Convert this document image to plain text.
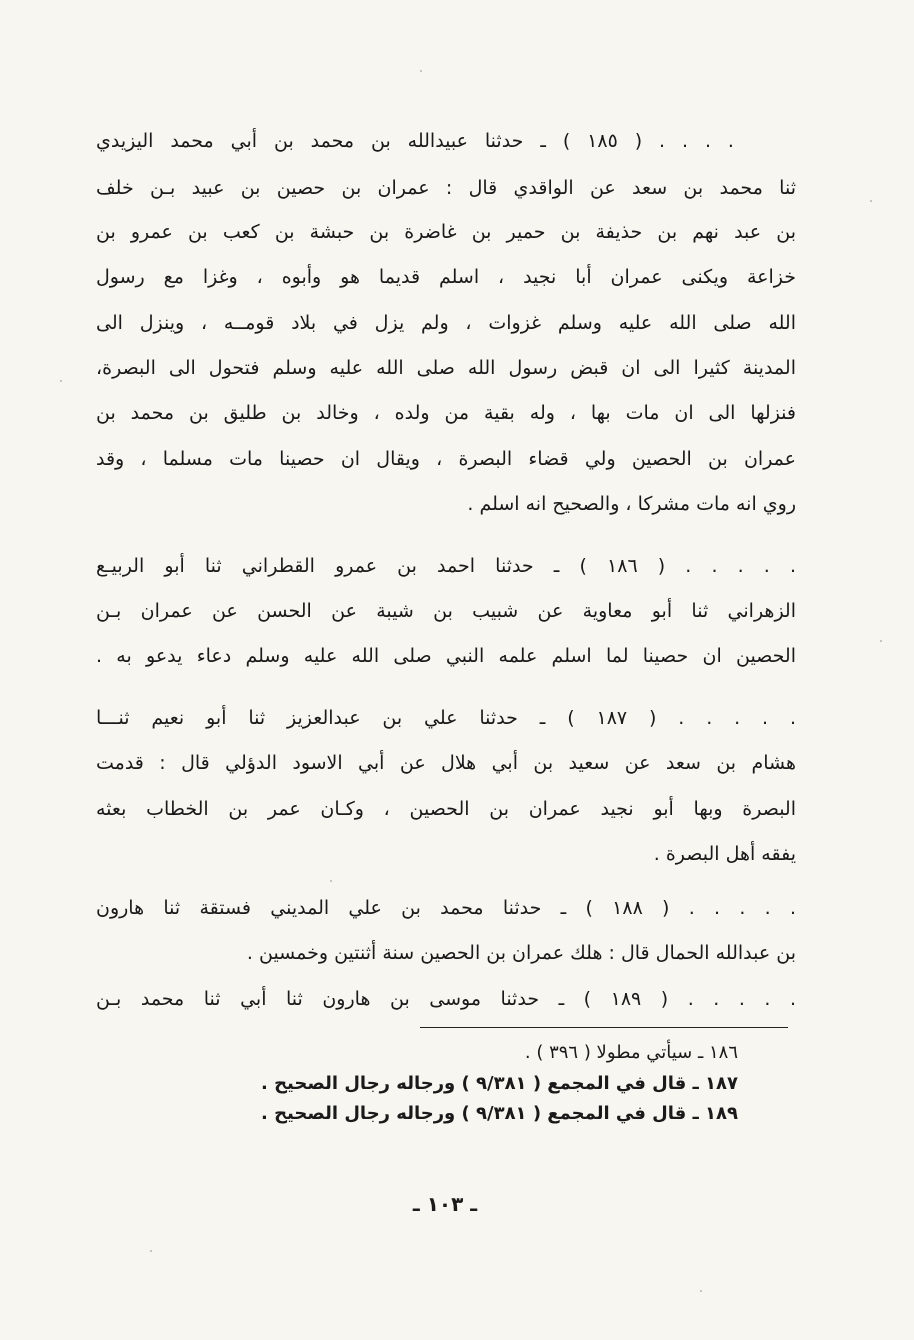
. . . . ( ١٨٥ ) ـ حدثنا عبيدالله بن محمد بن أبي محمد اليزيدي
ثنا محمد بن سعد عن الواقدي قال : عمران بن حصين بن عبيد بـن خلف
بن عبد نهم بن حذيفة بن حمير بن غاضرة بن حبشة بن كعب بن عمرو بن
خزاعة ويكنى عمران أبا نجيد ، اسلم قديما هو وأبوه ، وغزا مع رسول
الله صلى الله عليه وسلم غزوات ، ولم يزل في بلاد قومــه ، وينزل الى
المدينة كثيرا الى ان قبض رسول الله صلى الله عليه وسلم فتحول الى البصرة،
فنزلها الى ان مات بها ، وله بقية من ولده ، وخالد بن طليق بن محمد بن
عمران بن الحصين ولي قضاء البصرة ، ويقال ان حصينا مات مسلما ، وقد
روي انه مات مشركا ، والصحيح انه اسلم .
. . . . . ( ١٨٦ ) ـ حدثنا احمد بن عمرو القطراني ثنا أبو الربيـع
الزهراني ثنا أبو معاوية عن شبيب بن شيبة عن الحسن عن عمران بـن
الحصين ان حصينا لما اسلم علمه النبي صلى الله عليه وسلم دعاء يدعو به .
. . . . . ( ١٨٧ ) ـ حدثنا علي بن عبدالعزيز ثنا أبو نعيم ثنـــا
هشام بن سعد عن سعيد بن أبي هلال عن أبي الاسود الدؤلي قال : قدمت
البصرة وبها أبو نجيد عمران بن الحصين ، وكـان عمر بن الخطاب بعثه
يفقه أهل البصرة .
. . . . . ( ١٨٨ ) ـ حدثنا محمد بن علي المديني فستقة ثنا هارون
بن عبدالله الحمال قال : هلك عمران بن الحصين سنة أثنتين وخمسين .
. . . . . ( ١٨٩ ) ـ حدثنا موسى بن هارون ثنا أبي ثنا محمد بـن
١٨٦ ـ سيأتي مطولا ( ٣٩٦ ) .
١٨٧ ـ قال في المجمع ( ٩/٣٨١ ) ورجاله رجال الصحيح .
١٨٩ ـ قال في المجمع ( ٩/٣٨١ ) ورجاله رجال الصحيح .
ـ ١٠٣ ـ
